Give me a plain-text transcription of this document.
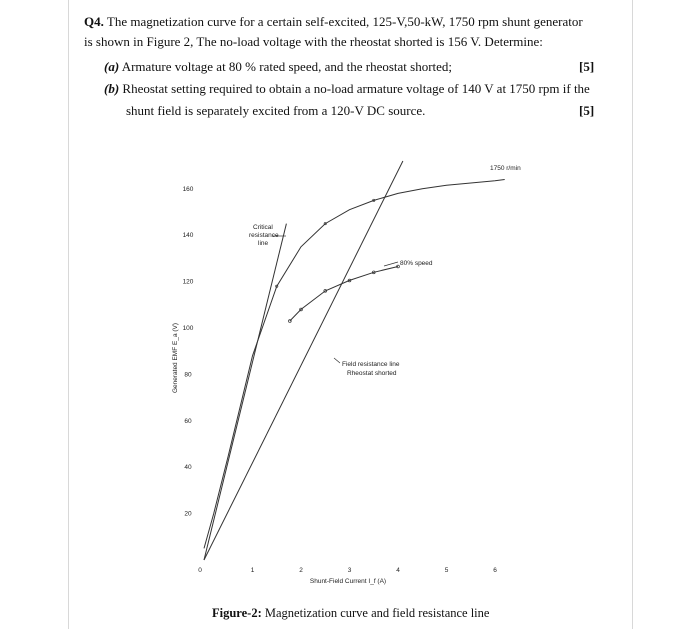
Q4. The magnetization curve for a certain self-excited, 125-V,50-kW, 1750 rpm shunt generator
is shown in Figure 2, The no-load voltage with the rheostat shorted is 156 V. Determine:
(a) Armature voltage at 80 % rated speed, and the rheostat shorted;	[5]
(b) Rheostat setting required to obtain a no-load armature voltage of 140 V at 1750 rpm if the
shunt field is separately excited from a 120-V DC source.	[5]
20
40
60
80
100
120
140
160
0	1	2	3	4	5	6
Generated EMF E_a (V)
Shunt-Field Current I_f (A)
1750 r/min
80% speed
Critical
resistance
line
Field resistance line
Rheostat shorted
Figure-2: Magnetization curve and field resistance line
